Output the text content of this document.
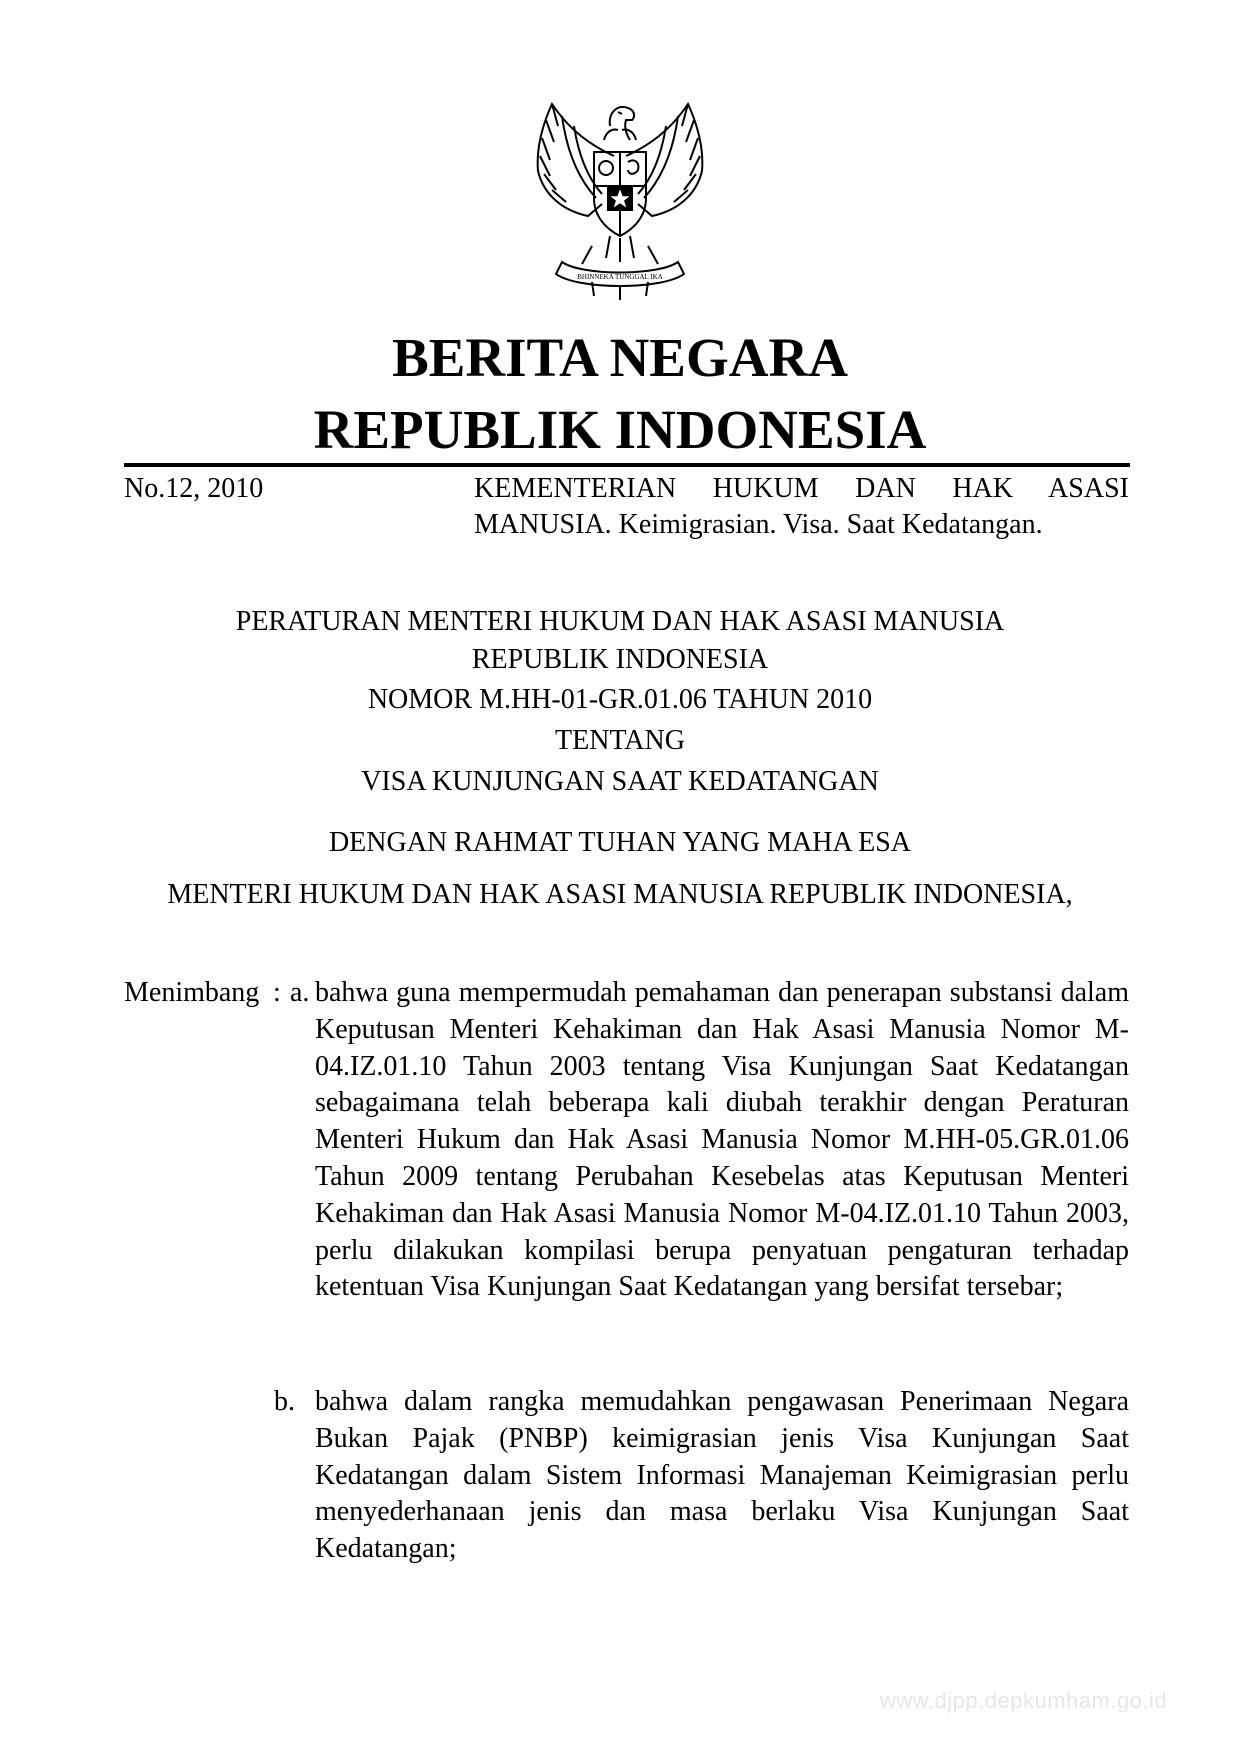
BHINNEKA TUNGGAL IKA
BERITA NEGARA
REPUBLIK INDONESIA
No.12, 2010	KEMENTERIAN HUKUM DAN HAK ASASI
MANUSIA. Keimigrasian. Visa. Saat Kedatangan.
PERATURAN MENTERI HUKUM DAN HAK ASASI MANUSIA
REPUBLIK INDONESIA
NOMOR M.HH-01-GR.01.06 TAHUN 2010
TENTANG
VISA KUNJUNGAN SAAT KEDATANGAN
DENGAN RAHMAT TUHAN YANG MAHA ESA
MENTERI HUKUM DAN HAK ASASI MANUSIA REPUBLIK INDONESIA,
Menimbang : a. bahwa guna mempermudah pemahaman dan penerapan substansi dalam Keputusan Menteri Kehakiman dan Hak Asasi Manusia Nomor M-04.IZ.01.10 Tahun 2003 tentang Visa Kunjungan Saat Kedatangan sebagaimana telah beberapa kali diubah terakhir dengan Peraturan Menteri Hukum dan Hak Asasi Manusia Nomor M.HH-05.GR.01.06 Tahun 2009 tentang Perubahan Kesebelas atas Keputusan Menteri Kehakiman dan Hak Asasi Manusia Nomor M-04.IZ.01.10 Tahun 2003, perlu dilakukan kompilasi berupa penyatuan pengaturan terhadap ketentuan Visa Kunjungan Saat Kedatangan yang bersifat tersebar;

b. bahwa dalam rangka memudahkan pengawasan Penerimaan Negara Bukan Pajak (PNBP) keimigrasian jenis Visa Kunjungan Saat Kedatangan dalam Sistem Informasi Manajeman Keimigrasian perlu menyederhanaan jenis dan masa berlaku Visa Kunjungan Saat Kedatangan;

www.djpp.depkumham.go.id
